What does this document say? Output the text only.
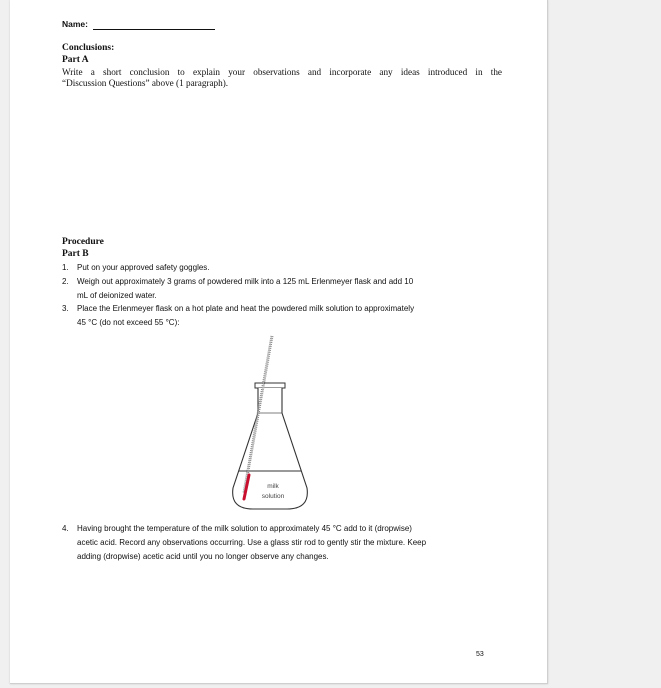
Name:
Conclusions:
Part A
Write a short conclusion to explain your observations and incorporate any ideas introduced in the
“Discussion Questions” above (1 paragraph).
Procedure
Part B
1.	Put on your approved safety goggles.
2.	Weigh out approximately 3 grams of powdered milk into a 125 mL Erlenmeyer flask and add 10
mL of deionized water.
3.	Place the Erlenmeyer flask on a hot plate and heat the powdered milk solution to approximately
45 °C (do not exceed 55 °C):
milk
solution
4.	Having brought the temperature of the milk solution to approximately 45 °C add to it (dropwise)
acetic acid. Record any observations occurring. Use a glass stir rod to gently stir the mixture. Keep
adding (dropwise) acetic acid until you no longer observe any changes.
53
